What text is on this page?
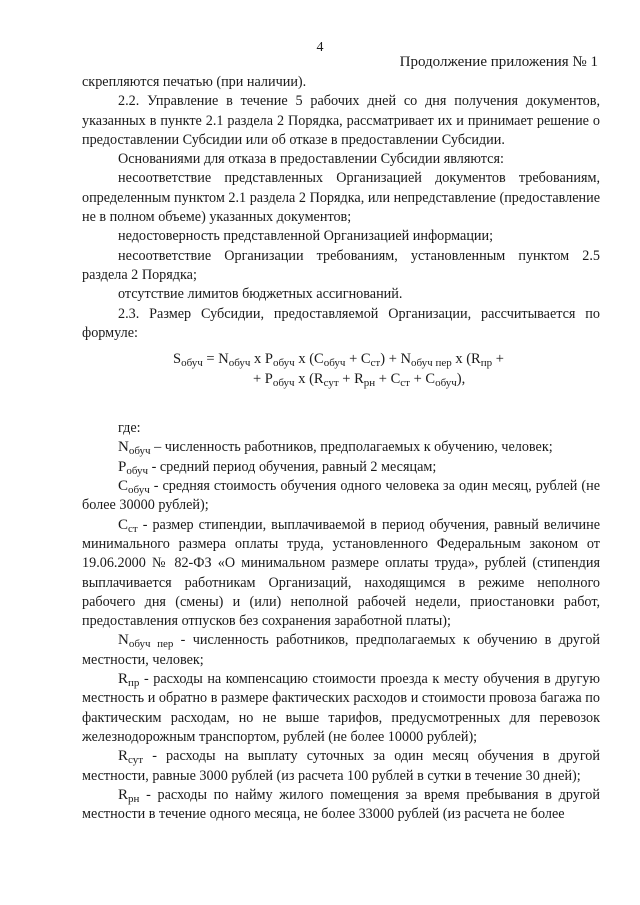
4
Продолжение приложения № 1

скрепляются печатью (при наличии).

2.2. Управление в течение 5 рабочих дней со дня получения документов, указанных в пункте 2.1 раздела 2 Порядка, рассматривает их и принимает решение о предоставлении Субсидии или об отказе в предоставлении Субсидии.

Основаниями для отказа в предоставлении Субсидии являются:

несоответствие представленных Организацией документов требованиям, определенным пунктом 2.1 раздела 2 Порядка, или непредставление (предоставление не в полном объеме) указанных документов;

недостоверность представленной Организацией информации;

несоответствие Организации требованиям, установленным пунктом 2.5 раздела 2 Порядка;

отсутствие лимитов бюджетных ассигнований.

2.3. Размер Субсидии, предоставляемой Организации, рассчитывается по формуле:

$S_{обуч} = N_{обуч}$ х $P_{обуч}$ х $(C_{обуч} + C_{ст}) + N_{обуч пер}$ х ($R_{пр}$ +
+ $P_{обуч}$ х $(R_{сут} + R_{рн} + C_{ст} + C_{обуч})$,

где:

$N_{обуч}$ – численность работников, предполагаемых к обучению, человек;

$P_{обуч}$ - средний период обучения, равный 2 месяцам;

$C_{обуч}$ - средняя стоимость обучения одного человека за один месяц, рублей (не более 30000 рублей);

$C_{ст}$ - размер стипендии, выплачиваемой в период обучения, равный величине минимального размера оплаты труда, установленного Федеральным законом от 19.06.2000 № 82-ФЗ «О минимальном размере оплаты труда», рублей (стипендия выплачивается работникам Организаций, находящимся в режиме неполного рабочего дня (смены) и (или) неполной рабочей недели, приостановки работ, предоставления отпусков без сохранения заработной платы);

$N_{обуч пер}$ - численность работников, предполагаемых к обучению в другой местности, человек;

$R_{пр}$ - расходы на компенсацию стоимости проезда к месту обучения в другую местность и обратно в размере фактических расходов и стоимости провоза багажа по фактическим расходам, но не выше тарифов, предусмотренных для перевозок железнодорожным транспортом, рублей (не более 10000 рублей);

$R_{сут}$ - расходы на выплату суточных за один месяц обучения в другой местности, равные 3000 рублей (из расчета 100 рублей в сутки в течение 30 дней);

$R_{рн}$ - расходы по найму жилого помещения за время пребывания в другой местности в течение одного месяца, не более 33000 рублей (из расчета не более
